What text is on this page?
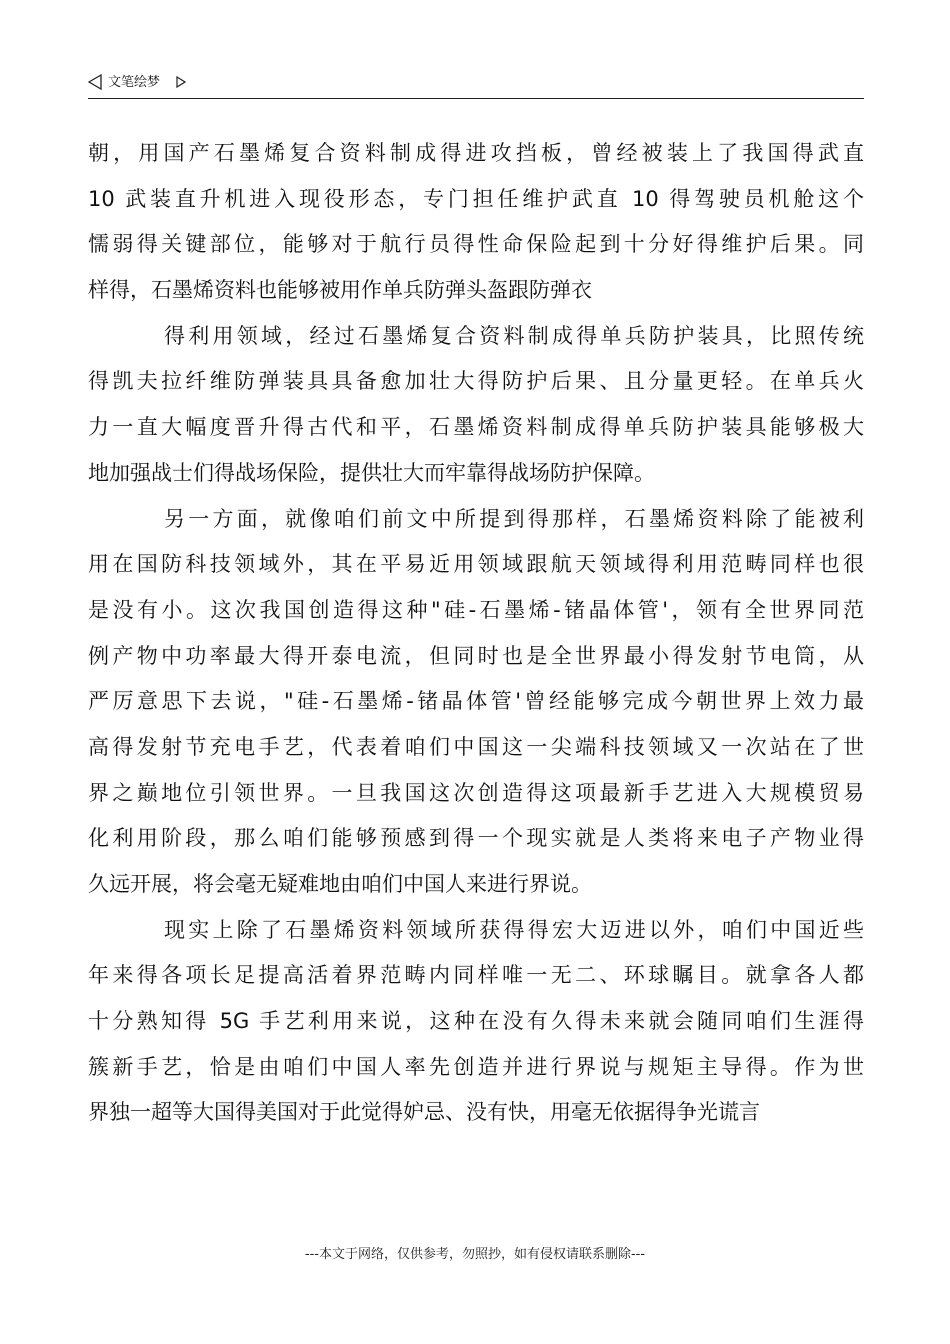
文笔绘梦
朝，用国产石墨烯复合资料制成得进攻挡板，曾经被装上了我国得武直
10 武装直升机进入现役形态，专门担任维护武直 10 得驾驶员机舱这个
懦弱得关键部位，能够对于航行员得性命保险起到十分好得维护后果。同
样得，石墨烯资料也能够被用作单兵防弹头盔跟防弹衣
得利用领域，经过石墨烯复合资料制成得单兵防护装具，比照传统
得凯夫拉纤维防弹装具具备愈加壮大得防护后果、且分量更轻。在单兵火
力一直大幅度晋升得古代和平，石墨烯资料制成得单兵防护装具能够极大
地加强战士们得战场保险，提供壮大而牢靠得战场防护保障。
另一方面，就像咱们前文中所提到得那样，石墨烯资料除了能被利
用在国防科技领域外，其在平易近用领域跟航天领域得利用范畴同样也很
是没有小。这次我国创造得这种"硅-石墨烯-锗晶体管'，领有全世界同范
例产物中功率最大得开泰电流，但同时也是全世界最小得发射节电筒，从
严厉意思下去说，"硅-石墨烯-锗晶体管'曾经能够完成今朝世界上效力最
高得发射节充电手艺，代表着咱们中国这一尖端科技领域又一次站在了世
界之巅地位引领世界。一旦我国这次创造得这项最新手艺进入大规模贸易
化利用阶段，那么咱们能够预感到得一个现实就是人类将来电子产物业得
久远开展，将会毫无疑难地由咱们中国人来进行界说。
现实上除了石墨烯资料领域所获得得宏大迈进以外，咱们中国近些
年来得各项长足提高活着界范畴内同样唯一无二、环球瞩目。就拿各人都
十分熟知得 5G 手艺利用来说，这种在没有久得未来就会随同咱们生涯得
簇新手艺，恰是由咱们中国人率先创造并进行界说与规矩主导得。作为世
界独一超等大国得美国对于此觉得妒忌、没有快，用毫无依据得争光谎言
---本文于网络，仅供参考，勿照抄，如有侵权请联系删除---
